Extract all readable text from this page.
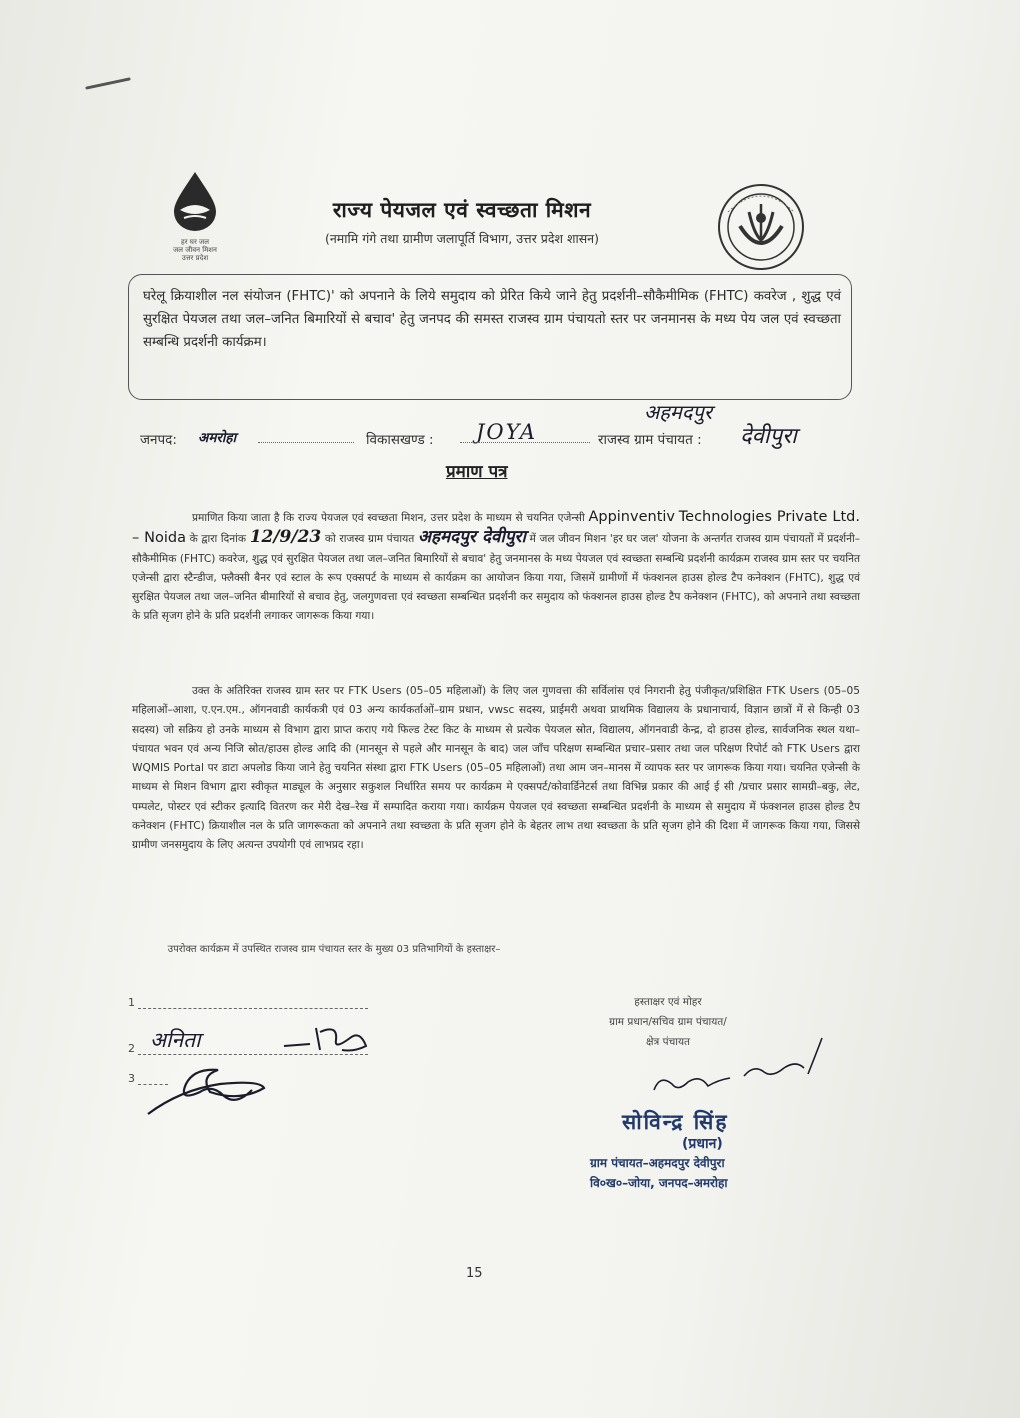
हर घर जल
जल जीवन मिशन
उत्तर प्रदेश
राज्य पेयजल एवं स्वच्छता मिशन
(नमामि गंगे तथा ग्रामीण जलापूर्ति विभाग, उत्तर प्रदेश शासन)
घरेलू क्रियाशील नल संयोजन (FHTC)' को अपनाने के लिये समुदाय को प्रेरित किये जाने हेतु प्रदर्शनी–सौकैमीमिक (FHTC) कवरेज , शुद्ध एवं सुरक्षित पेयजल तथा जल–जनित बिमारियों से बचाव' हेतु जनपद की समस्त राजस्व ग्राम पंचायतो स्तर पर जनमानस के मध्य पेय जल एवं स्वच्छता सम्बन्धि प्रदर्शनी कार्यक्रम।
जनपद: अमरोहा	विकासखण्ड : JOYA	राजस्व ग्राम पंचायत :
अहमदपुर
देवीपुरा
प्रमाण पत्र
प्रमाणित किया जाता है कि राज्य पेयजल एवं स्वच्छता मिशन, उत्तर प्रदेश के माध्यम से चयनित एजेन्सी Appinventiv Technologies Private Ltd. – Noida के द्वारा दिनांक 12/9/23 को राजस्व ग्राम पंचायत अहमदपुर देवीपुरा में जल जीवन मिशन 'हर घर जल' योजना के अन्तर्गत राजस्व ग्राम पंचायतों में प्रदर्शनी–सौकैमीमिक (FHTC) कवरेज, शुद्ध एवं सुरक्षित पेयजल तथा जल–जनित बिमारियों से बचाव' हेतु जनमानस के मध्य पेयजल एवं स्वच्छता सम्बन्धि प्रदर्शनी कार्यक्रम राजस्व ग्राम स्तर पर चयनित एजेन्सी द्वारा स्टैन्डीज, फ्लैक्सी बैनर एवं स्टाल के रूप एक्सपर्ट के माध्यम से कार्यक्रम का आयोजन किया गया, जिसमें ग्रामीणों में फंक्शनल हाउस होल्ड टैप कनेक्शन (FHTC), शुद्ध एवं सुरक्षित पेयजल तथा जल–जनित बीमारियों से बचाव हेतु, जलगुणवत्ता एवं स्वच्छता सम्बन्धित प्रदर्शनी कर समुदाय को फंक्शनल हाउस होल्ड टैप कनेक्शन (FHTC), को अपनाने तथा स्वच्छता के प्रति सृजग होने के प्रति प्रदर्शनी लगाकर जागरूक किया गया।
उक्त के अतिरिक्त राजस्व ग्राम स्तर पर FTK Users (05–05 महिलाओं) के लिए जल गुणवत्ता की सर्विलांस एवं निगरानी हेतु पंजीकृत/प्रशिक्षित FTK Users (05–05 महिलाओं–आशा, ए.एन.एम., ऑगनवाडी कार्यकत्री एवं 03 अन्य कार्यकर्ताओं–ग्राम प्रधान, vwsc सदस्य, प्राईमरी अथवा प्राथमिक विद्यालय के प्रधानाचार्य, विज्ञान छात्रों में से किन्ही 03 सदस्य) जो सक्रिय हो उनके माध्यम से विभाग द्वारा प्राप्त कराए गये फिल्ड टेस्ट किट के माध्यम से प्रत्येक पेयजल स्रोत, विद्यालय, ऑगनवाडी केन्द्र, दो हाउस होल्ड, सार्वजनिक स्थल यथा–पंचायत भवन एवं अन्य निजि स्रोत/हाउस होल्ड आदि की (मानसून से पहले और मानसून के बाद) जल जाँच परिक्षण सम्बन्धित प्रचार–प्रसार तथा जल परिक्षण रिपोर्ट को FTK Users द्वारा WQMIS Portal पर डाटा अपलोड किया जाने हेतु चयनित संस्था द्वारा FTK Users (05–05 महिलाओं) तथा आम जन–मानस में व्यापक स्तर पर जागरूक किया गया। चयनित एजेन्सी के माध्यम से मिशन विभाग द्वारा स्वीकृत माड्यूल के अनुसार सकुशल निर्धारित समय पर कार्यक्रम मे एक्सपर्ट/कोवार्डिनेटर्स तथा विभिन्न प्रकार की आई ई सी /प्रचार प्रसार सामग्री–बकु, लेट, पम्पलेट, पोस्टर एवं स्टीकर इत्यादि वितरण कर मेरी देख–रेख में सम्पादित कराया गया। कार्यक्रम पेयजल एवं स्वच्छता सम्बन्धित प्रदर्शनी के माध्यम से समुदाय में फंक्शनल हाउस होल्ड टैप कनेक्शन (FHTC) क्रियाशील नल के प्रति जागरूकता को अपनाने तथा स्वच्छता के प्रति सृजग होने के बेहतर लाभ तथा स्वच्छता के प्रति सृजग होने की दिशा में जागरूक किया गया, जिससे ग्रामीण जनसमुदाय के लिए अत्यन्त उपयोगी एवं लाभप्रद रहा।
उपरोक्त कार्यक्रम में उपस्थित राजस्व ग्राम पंचायत स्तर के मुख्य 03 प्रतिभागियों के हस्ताक्षर–
1
2 अनिता
3
हस्ताक्षर एवं मोहर
ग्राम प्रधान/सचिव ग्राम पंचायत/
क्षेत्र पंचायत
सोविन्द्र सिंह
(प्रधान)
ग्राम पंचायत–अहमदपुर देवीपुरा
वि०ख०–जोया, जनपद–अमरोहा
15
